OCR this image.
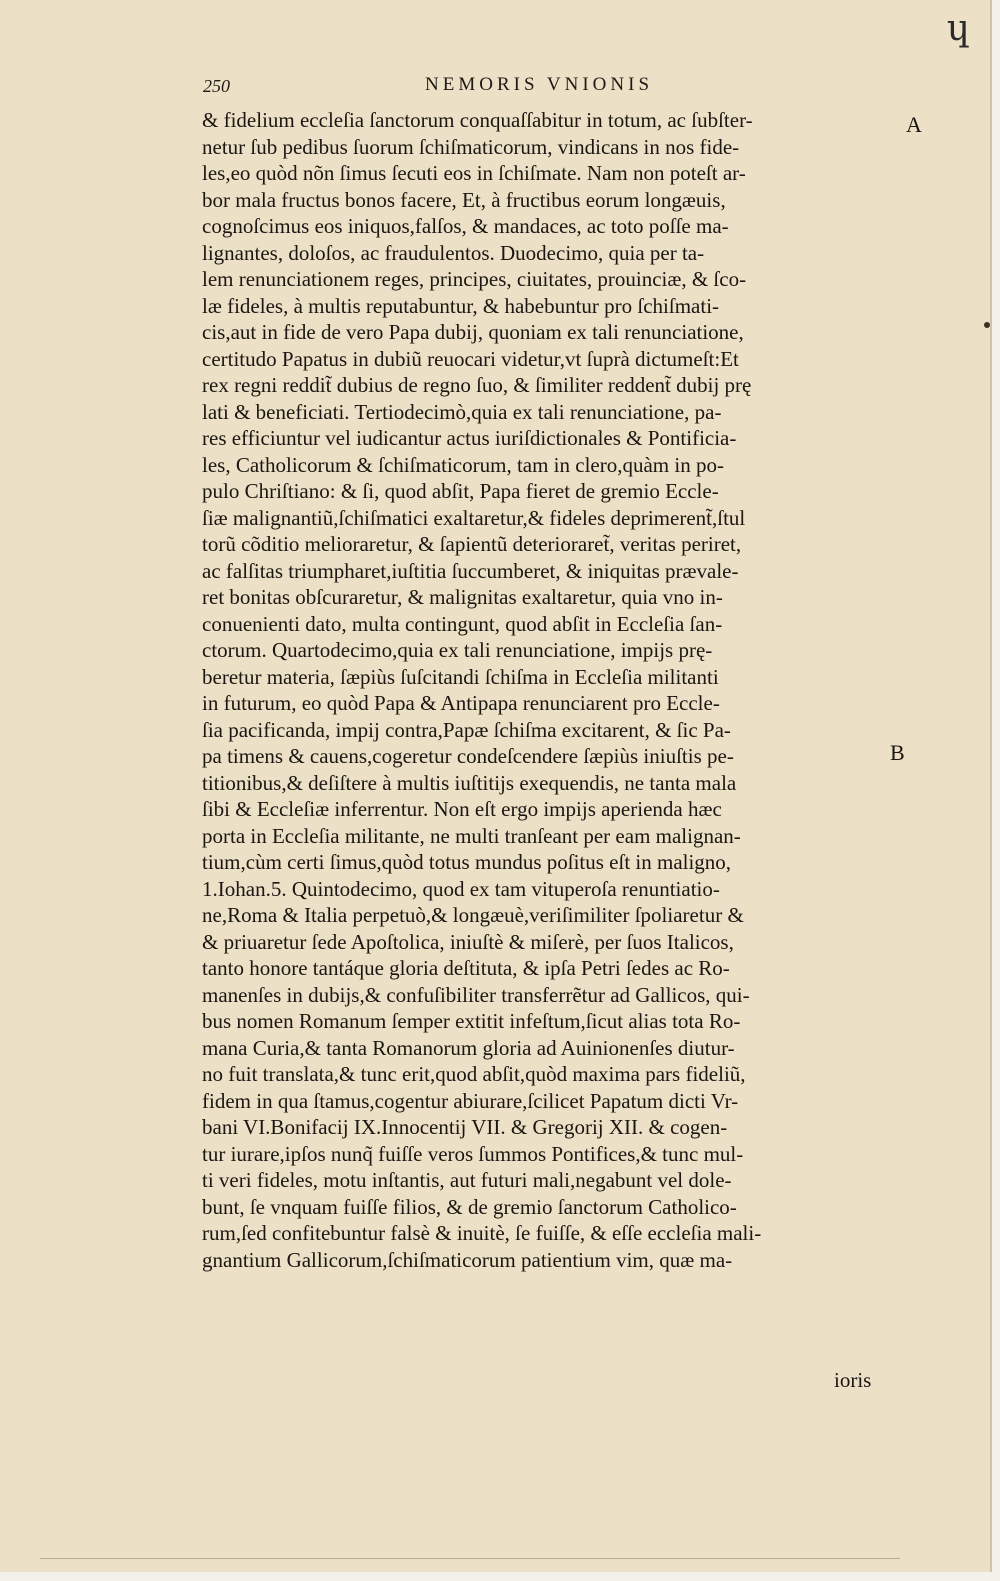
ɥ
250	NEMORIS VNIONIS
A
B
& fidelium eccleſia ſanctorum conquaſſabitur in totum, ac ſubſter-
netur ſub pedibus ſuorum ſchiſmaticorum, vindicans in nos fide-
les,eo quòd nõn ſimus ſecuti eos in ſchiſmate. Nam non poteſt ar-
bor mala fructus bonos facere, Et, à fructibus eorum longæuis,
cognoſcimus eos iniquos,falſos, & mandaces, ac toto poſſe ma-
lignantes, doloſos, ac fraudulentos. Duodecimo, quia per ta-
lem renunciationem reges, principes, ciuitates, prouinciæ, & ſco-
læ fideles, à multis reputabuntur, & habebuntur pro ſchiſmati-
cis,aut in fide de vero Papa dubij, quoniam ex tali renunciatione,
certitudo Papatus in dubiũ reuocari videtur,vt ſuprà dictumeſt:Et
rex regni reddit̃ dubius de regno ſuo, & ſimiliter reddent̃ dubij prę
lati & beneficiati. Tertiodecimò,quia ex tali renunciatione, pa-
res efficiuntur vel iudicantur actus iuriſdictionales & Pontificia-
les, Catholicorum & ſchiſmaticorum, tam in clero,quàm in po-
pulo Chriſtiano: & ſi, quod abſit, Papa fieret de gremio Eccle-
ſiæ malignantiũ,ſchiſmatici exaltaretur,& fideles deprimerent̃,ſtul
torũ cõditio melioraretur, & ſapientũ deterioraret̃, veritas periret,
ac falſitas triumpharet,iuſtitia ſuccumberet, & iniquitas prævale-
ret bonitas obſcuraretur, & malignitas exaltaretur, quia vno in-
conuenienti dato, multa contingunt, quod abſit in Eccleſia ſan-
ctorum. Quartodecimo,quia ex tali renunciatione, impijs prę-
beretur materia, ſæpiùs ſuſcitandi ſchiſma in Eccleſia militanti
in futurum, eo quòd Papa & Antipapa renunciarent pro Eccle-
ſia pacificanda, impij contra,Papæ ſchiſma excitarent, & ſic Pa-
pa timens & cauens,cogeretur condeſcendere ſæpiùs iniuſtis pe-
titionibus,& deſiſtere à multis iuſtitijs exequendis, ne tanta mala
ſibi & Eccleſiæ inferrentur. Non eſt ergo impijs aperienda hæc
porta in Eccleſia militante, ne multi tranſeant per eam malignan-
tium,cùm certi ſimus,quòd totus mundus poſitus eſt in maligno,
1.Iohan.5. Quintodecimo, quod ex tam vituperoſa renuntiatio-
ne,Roma & Italia perpetuò,& longæuè,veriſimiliter ſpoliaretur &
& priuaretur ſede Apoſtolica, iniuſtè & miſerè, per ſuos Italicos,
tanto honore tantáque gloria deſtituta, & ipſa Petri ſedes ac Ro-
manenſes in dubijs,& confuſibiliter transferrẽtur ad Gallicos, qui-
bus nomen Romanum ſemper extitit infeſtum,ſicut alias tota Ro-
mana Curia,& tanta Romanorum gloria ad Auinionenſes diutur-
no fuit translata,& tunc erit,quod abſit,quòd maxima pars fideliũ,
fidem in qua ſtamus,cogentur abiurare,ſcilicet Papatum dicti Vr-
bani VI.Bonifacij IX.Innocentij VII. & Gregorij XII. & cogen-
tur iurare,ipſos nunq̃ fuiſſe veros ſummos Pontifices,& tunc mul-
ti veri fideles, motu inſtantis, aut futuri mali,negabunt vel dole-
bunt, ſe vnquam fuiſſe filios, & de gremio ſanctorum Catholico-
rum,ſed confitebuntur falsè & inuitè, ſe fuiſſe, & eſſe eccleſia mali-
gnantium Gallicorum,ſchiſmaticorum patientium vim, quæ ma-
ioris
